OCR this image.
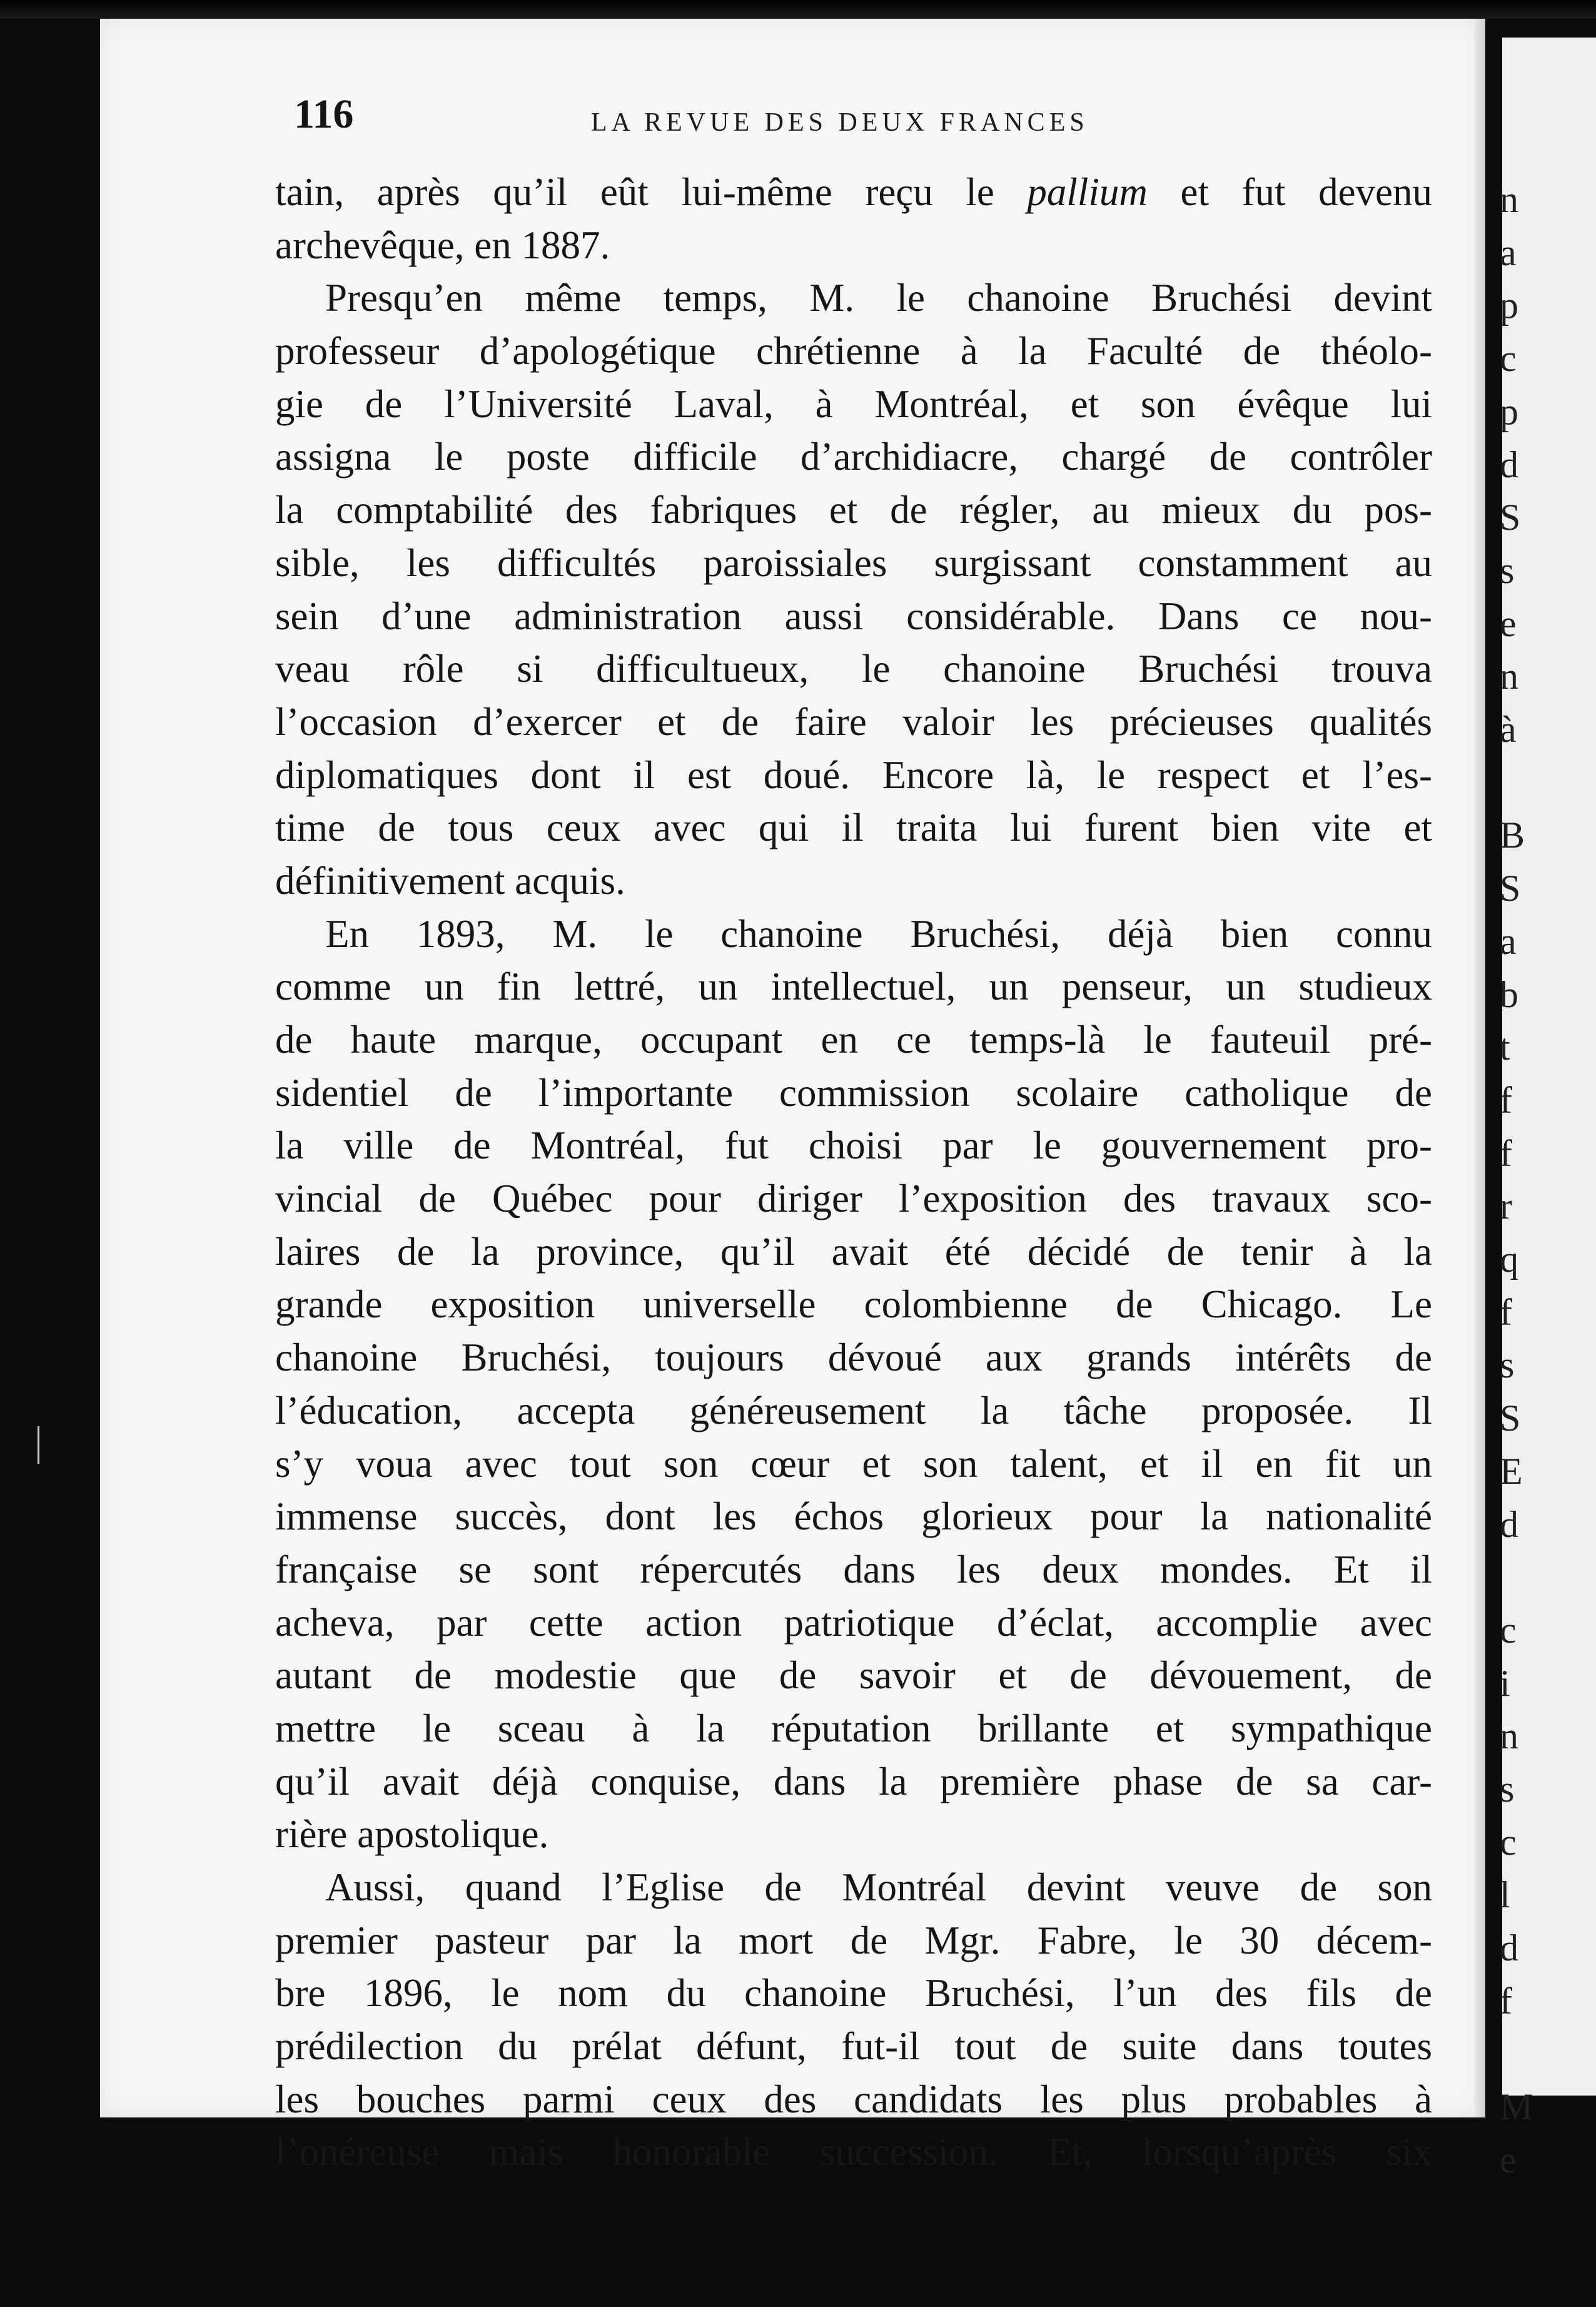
n
a
p
c
p
d
S
s
e
n
à
B
S
a
b
t
f
f
r
q
f
s
S
E
d
c
i
n
s
c
l
d
f
M
e
116	LA REVUE DES DEUX FRANCES
tain, après qu’il eût lui-même reçu le pallium et fut devenu
archevêque, en 1887.
Presqu’en même temps, M. le chanoine Bruchési devint
professeur d’apologétique chrétienne à la Faculté de théolo-
gie de l’Université Laval, à Montréal, et son évêque lui
assigna le poste difficile d’archidiacre, chargé de contrôler
la comptabilité des fabriques et de régler, au mieux du pos-
sible, les difficultés paroissiales surgissant constamment au
sein d’une administration aussi considérable. Dans ce nou-
veau rôle si difficultueux, le chanoine Bruchési trouva
l’occasion d’exercer et de faire valoir les précieuses qualités
diplomatiques dont il est doué. Encore là, le respect et l’es-
time de tous ceux avec qui il traita lui furent bien vite et
définitivement acquis.
En 1893, M. le chanoine Bruchési, déjà bien connu
comme un fin lettré, un intellectuel, un penseur, un studieux
de haute marque, occupant en ce temps-là le fauteuil pré-
sidentiel de l’importante commission scolaire catholique de
la ville de Montréal, fut choisi par le gouvernement pro-
vincial de Québec pour diriger l’exposition des travaux sco-
laires de la province, qu’il avait été décidé de tenir à la
grande exposition universelle colombienne de Chicago. Le
chanoine Bruchési, toujours dévoué aux grands intérêts de
l’éducation, accepta généreusement la tâche proposée. Il
s’y voua avec tout son cœur et son talent, et il en fit un
immense succès, dont les échos glorieux pour la nationalité
française se sont répercutés dans les deux mondes. Et il
acheva, par cette action patriotique d’éclat, accomplie avec
autant de modestie que de savoir et de dévouement, de
mettre le sceau à la réputation brillante et sympathique
qu’il avait déjà conquise, dans la première phase de sa car-
rière apostolique.
Aussi, quand l’Eglise de Montréal devint veuve de son
premier pasteur par la mort de Mgr. Fabre, le 30 décem-
bre 1896, le nom du chanoine Bruchési, l’un des fils de
prédilection du prélat défunt, fut-il tout de suite dans toutes
les bouches parmi ceux des candidats les plus probables à
l’onéreuse mais honorable succession. Et, lorsqu’après six
